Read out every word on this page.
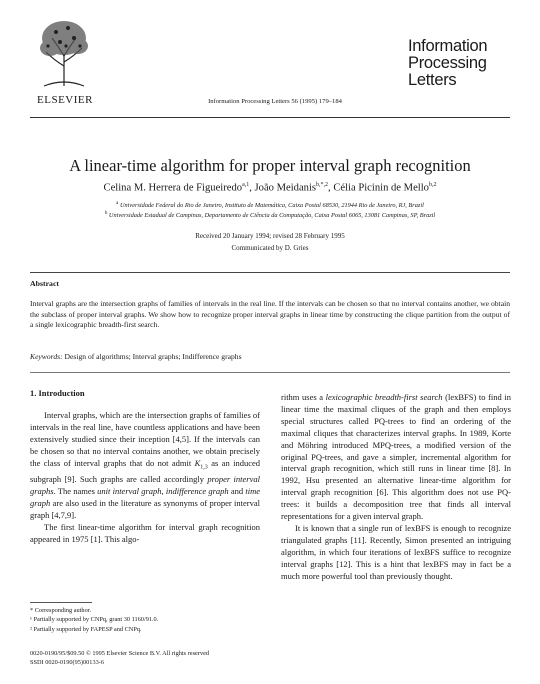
ELSEVIER	Information Processing Letters 56 (1995) 179–184
Information
Processing
Letters
A linear-time algorithm for proper interval graph recognition
Celina M. Herrera de Figueiredo$^{a,1}$, João Meidanis$^{b,*,2}$, Célia Picinin de Mello$^{b,2}$
$^a$ Universidade Federal do Rio de Janeiro, Instituto de Matemática, Caixa Postal 68530, 21944 Rio de Janeiro, RJ, Brazil
$^b$ Universidade Estadual de Campinas, Departamento de Ciência da Computação, Caixa Postal 6065, 13081 Campinas, SP, Brazil
Received 20 January 1994; revised 28 February 1995
Communicated by D. Gries
Abstract
Interval graphs are the intersection graphs of families of intervals in the real line. If the intervals can be chosen so that no interval contains another, we obtain the subclass of proper interval graphs. We show how to recognize proper interval graphs in linear time by constructing the clique partition from the output of a single lexicographic breadth-first search.
Keywords: Design of algorithms; Interval graphs; Indifference graphs

1. Introduction

Interval graphs, which are the intersection graphs of families of intervals in the real line, have countless applications and have been extensively studied since their inception [4,5]. If the intervals can be chosen so that no interval contains another, we obtain precisely the class of interval graphs that do not admit $K_{1,3}$ as an induced subgraph [9]. Such graphs are called accordingly proper interval graphs. The names unit interval graph, indifference graph and time graph are also used in the literature as synonyms of proper interval graph [4,7,9].

The first linear-time algorithm for interval graph recognition appeared in 1975 [1]. This algo-

rithm uses a lexicographic breadth-first search (lexBFS) to find in linear time the maximal cliques of the graph and then employs special structures called PQ-trees to find an ordering of the maximal cliques that characterizes interval graphs. In 1989, Korte and Möhring introduced MPQ-trees, a modified version of the original PQ-trees, and gave a simpler, incremental algorithm for interval graph recognition, which still runs in linear time [8]. In 1992, Hsu presented an alternative linear-time algorithm for interval graph recognition [6]. This algorithm does not use PQ-trees: it builds a decomposition tree that finds all interval representations for a given interval graph.

It is known that a single run of lexBFS is enough to recognize triangulated graphs [11]. Recently, Simon presented an intriguing algorithm, in which four iterations of lexBFS suffice to recognize interval graphs [12]. This is a hint that lexBFS may in fact be a much more powerful tool than previously thought.

* Corresponding author.
¹ Partially supported by CNPq, grant 30 1160/91.0.
² Partially supported by FAPESP and CNPq.
0020-0190/95/$09.50 © 1995 Elsevier Science B.V. All rights reserved
SSDI 0020-0190(95)00133-6
